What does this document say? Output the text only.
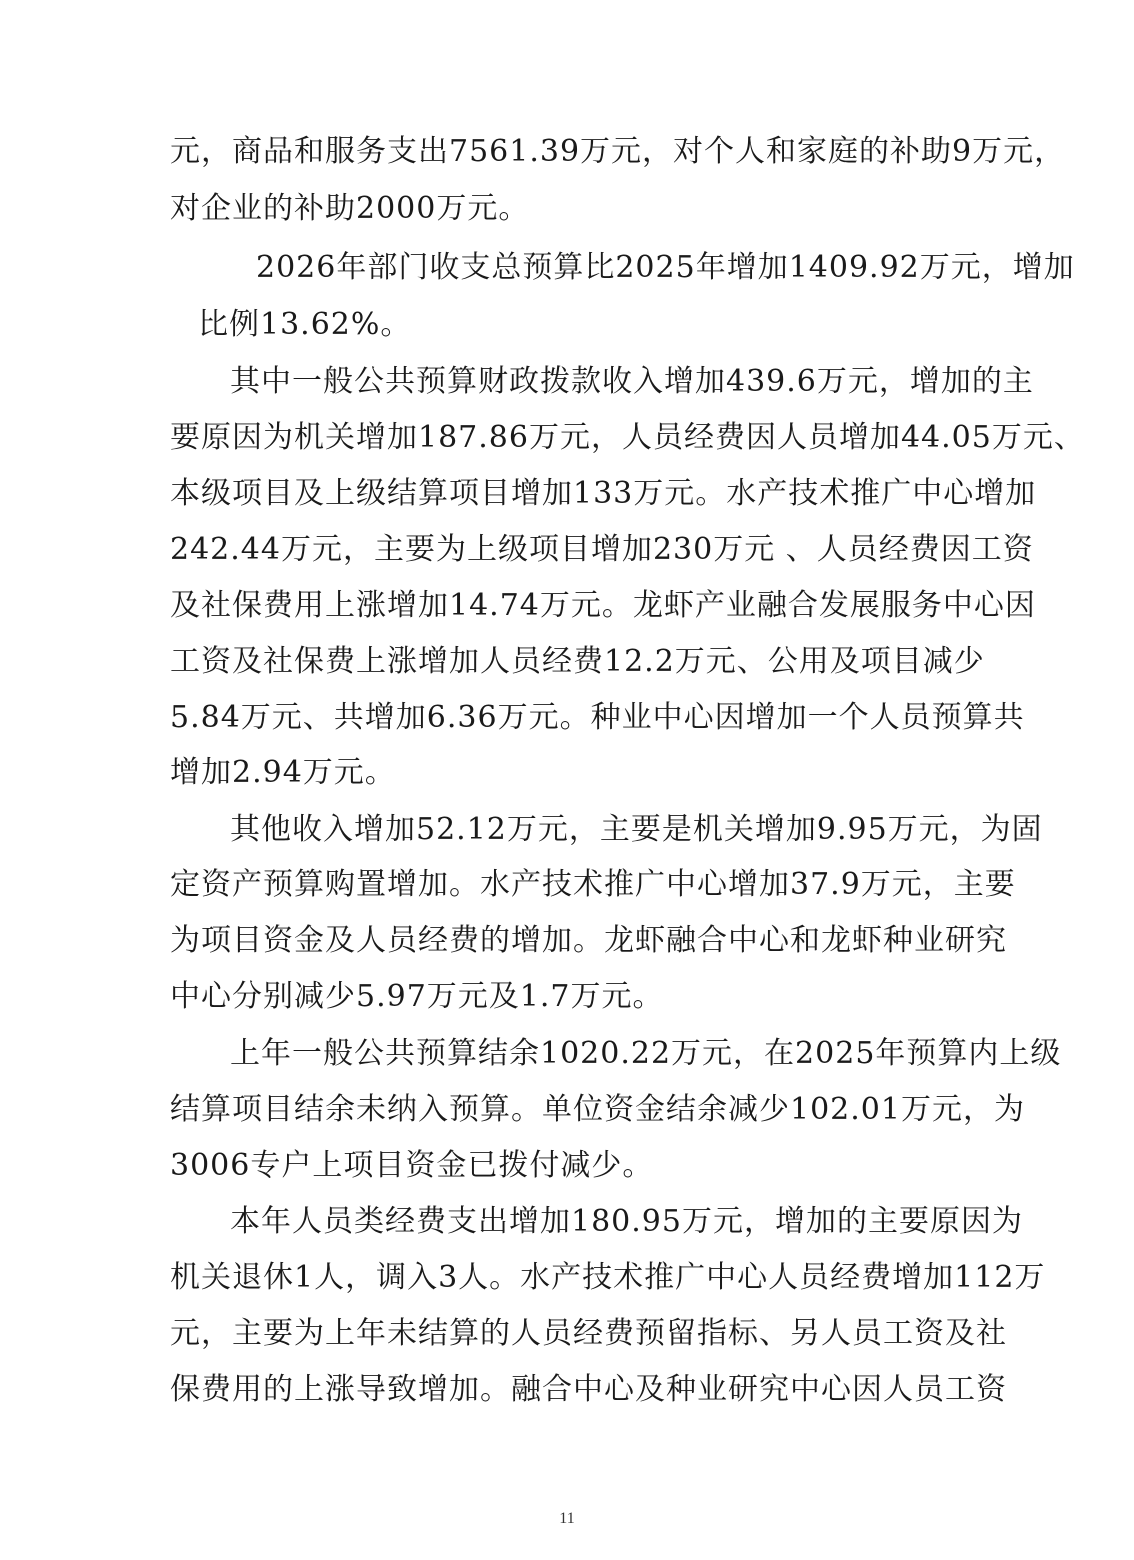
元，商品和服务支出7561.39万元，对个人和家庭的补助9万元，
对企业的补助2000万元。
2026年部门收支总预算比2025年增加1409.92万元，增加
比例13.62%。
其中一般公共预算财政拨款收入增加439.6万元，增加的主
要原因为机关增加187.86万元，人员经费因人员增加44.05万元、
本级项目及上级结算项目增加133万元。水产技术推广中心增加
242.44万元，主要为上级项目增加230万元 、人员经费因工资
及社保费用上涨增加14.74万元。龙虾产业融合发展服务中心因
工资及社保费上涨增加人员经费12.2万元、公用及项目减少
5.84万元、共增加6.36万元。种业中心因增加一个人员预算共
增加2.94万元。
其他收入增加52.12万元，主要是机关增加9.95万元，为固
定资产预算购置增加。水产技术推广中心增加37.9万元，主要
为项目资金及人员经费的增加。龙虾融合中心和龙虾种业研究
中心分别减少5.97万元及1.7万元。
上年一般公共预算结余1020.22万元，在2025年预算内上级
结算项目结余未纳入预算。单位资金结余减少102.01万元，为
3006专户上项目资金已拨付减少。
本年人员类经费支出增加180.95万元，增加的主要原因为
机关退休1人，调入3人。水产技术推广中心人员经费增加112万
元，主要为上年未结算的人员经费预留指标、另人员工资及社
保费用的上涨导致增加。融合中心及种业研究中心因人员工资
11
